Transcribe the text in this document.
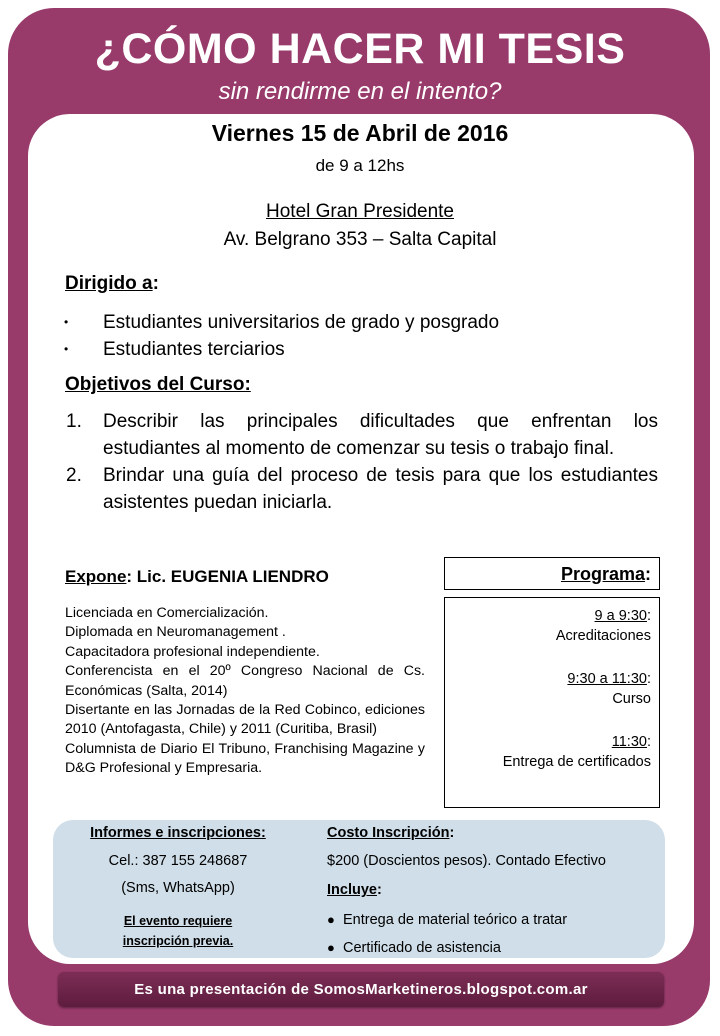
¿CÓMO HACER MI TESIS
sin rendirme en el intento?
Viernes 15 de Abril de 2016
de 9 a 12hs
Hotel Gran Presidente
Av. Belgrano 353 – Salta Capital
Dirigido a:
• Estudiantes universitarios de grado y posgrado
• Estudiantes terciarios
Objetivos del Curso:
1. Describir las principales dificultades que enfrentan los estudiantes al momento de comenzar su tesis o trabajo final.
2. Brindar una guía del proceso de tesis para que los estudiantes asistentes puedan iniciarla.
Expone: Lic. EUGENIA LIENDRO

Licenciada en Comercialización.

Diplomada en Neuromanagement .

Capacitadora profesional independiente.

Conferencista en el 20º Congreso Nacional de Cs. Económicas (Salta, 2014)

Disertante en las Jornadas de la Red Cobinco, ediciones 2010 (Antofagasta, Chile) y 2011 (Curitiba, Brasil)

Columnista de Diario El Tribuno, Franchising Magazine y D&G Profesional y Empresaria.

Programa:
9 a 9:30:
Acreditaciones
9:30 a 11:30:
Curso
11:30:
Entrega de certificados
Informes e inscripciones:
Cel.: 387 155 248687
(Sms, WhatsApp)
El evento requiere
inscripción previa.
Costo Inscripción:
$200 (Doscientos pesos). Contado Efectivo
Incluye:
● Entrega de material teórico a tratar
● Certificado de asistencia
Es una presentación de SomosMarketineros.blogspot.com.ar
